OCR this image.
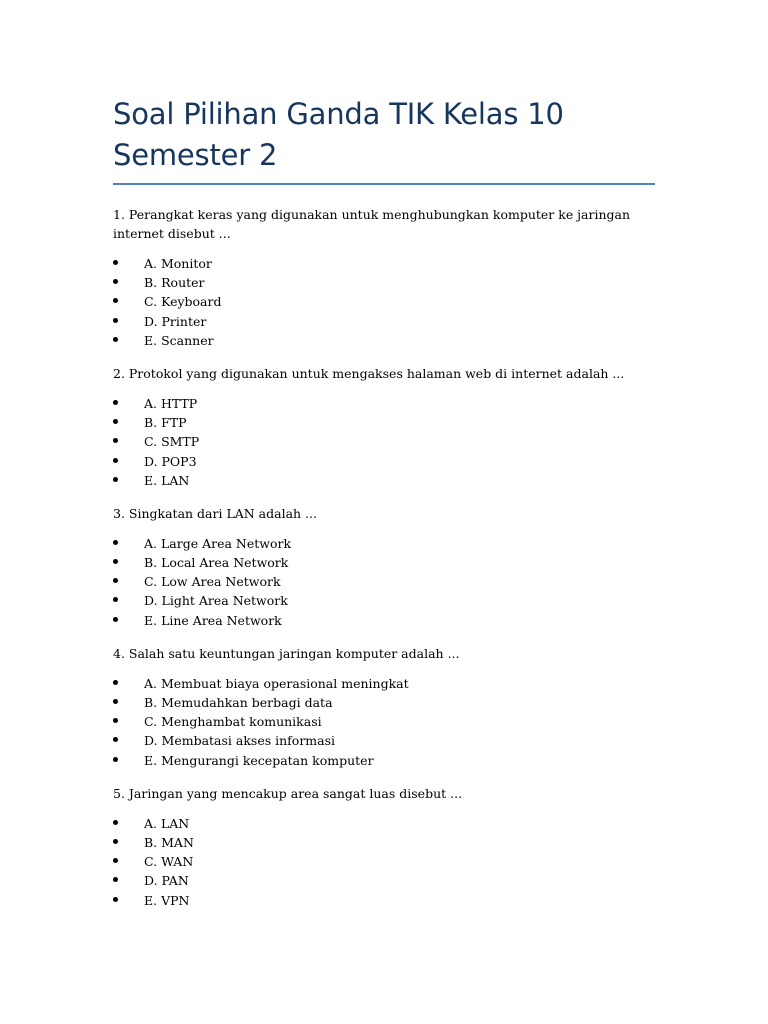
Soal Pilihan Ganda TIK Kelas 10
Semester 2

1. Perangkat keras yang digunakan untuk menghubungkan komputer ke jaringan internet disebut ...

A. Monitor
B. Router
C. Keyboard
D. Printer
E. Scanner

2. Protokol yang digunakan untuk mengakses halaman web di internet adalah ...

A. HTTP
B. FTP
C. SMTP
D. POP3
E. LAN

3. Singkatan dari LAN adalah ...

A. Large Area Network
B. Local Area Network
C. Low Area Network
D. Light Area Network
E. Line Area Network

4. Salah satu keuntungan jaringan komputer adalah ...

A. Membuat biaya operasional meningkat
B. Memudahkan berbagi data
C. Menghambat komunikasi
D. Membatasi akses informasi
E. Mengurangi kecepatan komputer

5. Jaringan yang mencakup area sangat luas disebut ...

A. LAN
B. MAN
C. WAN
D. PAN
E. VPN
